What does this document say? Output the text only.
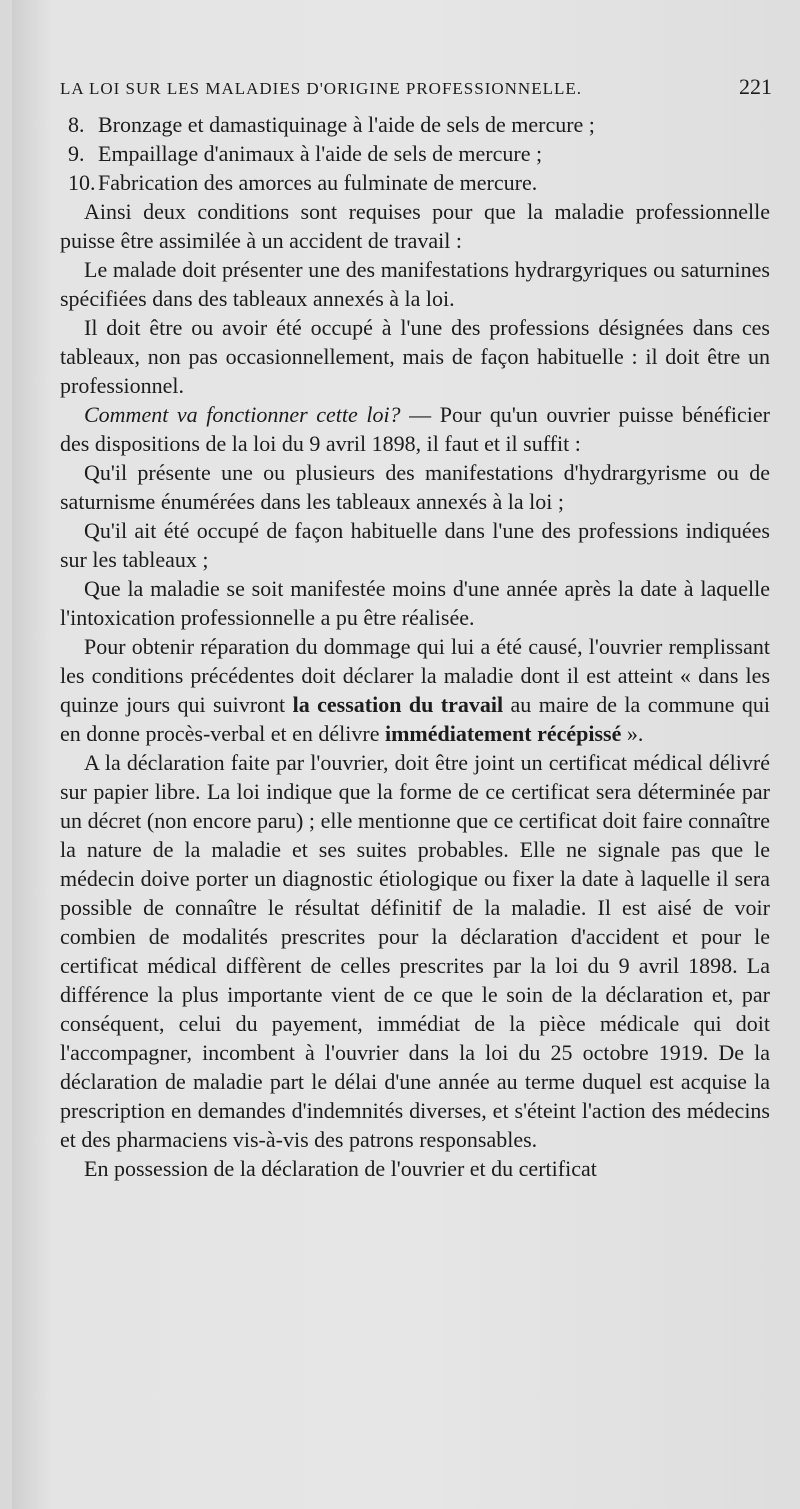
LA LOI SUR LES MALADIES D'ORIGINE PROFESSIONNELLE.	221

8. Bronzage et damastiquinage à l'aide de sels de mercure ;

9. Empaillage d'animaux à l'aide de sels de mercure ;

10. Fabrication des amorces au fulminate de mercure.

Ainsi deux conditions sont requises pour que la maladie professionnelle puisse être assimilée à un accident de travail :

Le malade doit présenter une des manifestations hydrargyriques ou saturnines spécifiées dans des tableaux annexés à la loi.

Il doit être ou avoir été occupé à l'une des professions désignées dans ces tableaux, non pas occasionnellement, mais de façon habituelle : il doit être un professionnel.

Comment va fonctionner cette loi? — Pour qu'un ouvrier puisse bénéficier des dispositions de la loi du 9 avril 1898, il faut et il suffit :

Qu'il présente une ou plusieurs des manifestations d'hydrargyrisme ou de saturnisme énumérées dans les tableaux annexés à la loi ;

Qu'il ait été occupé de façon habituelle dans l'une des professions indiquées sur les tableaux ;

Que la maladie se soit manifestée moins d'une année après la date à laquelle l'intoxication professionnelle a pu être réalisée.

Pour obtenir réparation du dommage qui lui a été causé, l'ouvrier remplissant les conditions précédentes doit déclarer la maladie dont il est atteint « dans les quinze jours qui suivront la cessation du travail au maire de la commune qui en donne procès-verbal et en délivre immédiatement récépissé ».

A la déclaration faite par l'ouvrier, doit être joint un certificat médical délivré sur papier libre. La loi indique que la forme de ce certificat sera déterminée par un décret (non encore paru) ; elle mentionne que ce certificat doit faire connaître la nature de la maladie et ses suites probables. Elle ne signale pas que le médecin doive porter un diagnostic étiologique ou fixer la date à laquelle il sera possible de connaître le résultat définitif de la maladie. Il est aisé de voir combien de modalités prescrites pour la déclaration d'accident et pour le certificat médical diffèrent de celles prescrites par la loi du 9 avril 1898. La différence la plus importante vient de ce que le soin de la déclaration et, par conséquent, celui du payement, immédiat de la pièce médicale qui doit l'accompagner, incombent à l'ouvrier dans la loi du 25 octobre 1919. De la déclaration de maladie part le délai d'une année au terme duquel est acquise la prescription en demandes d'indemnités diverses, et s'éteint l'action des médecins et des pharmaciens vis-à-vis des patrons responsables.

En possession de la déclaration de l'ouvrier et du certificat
